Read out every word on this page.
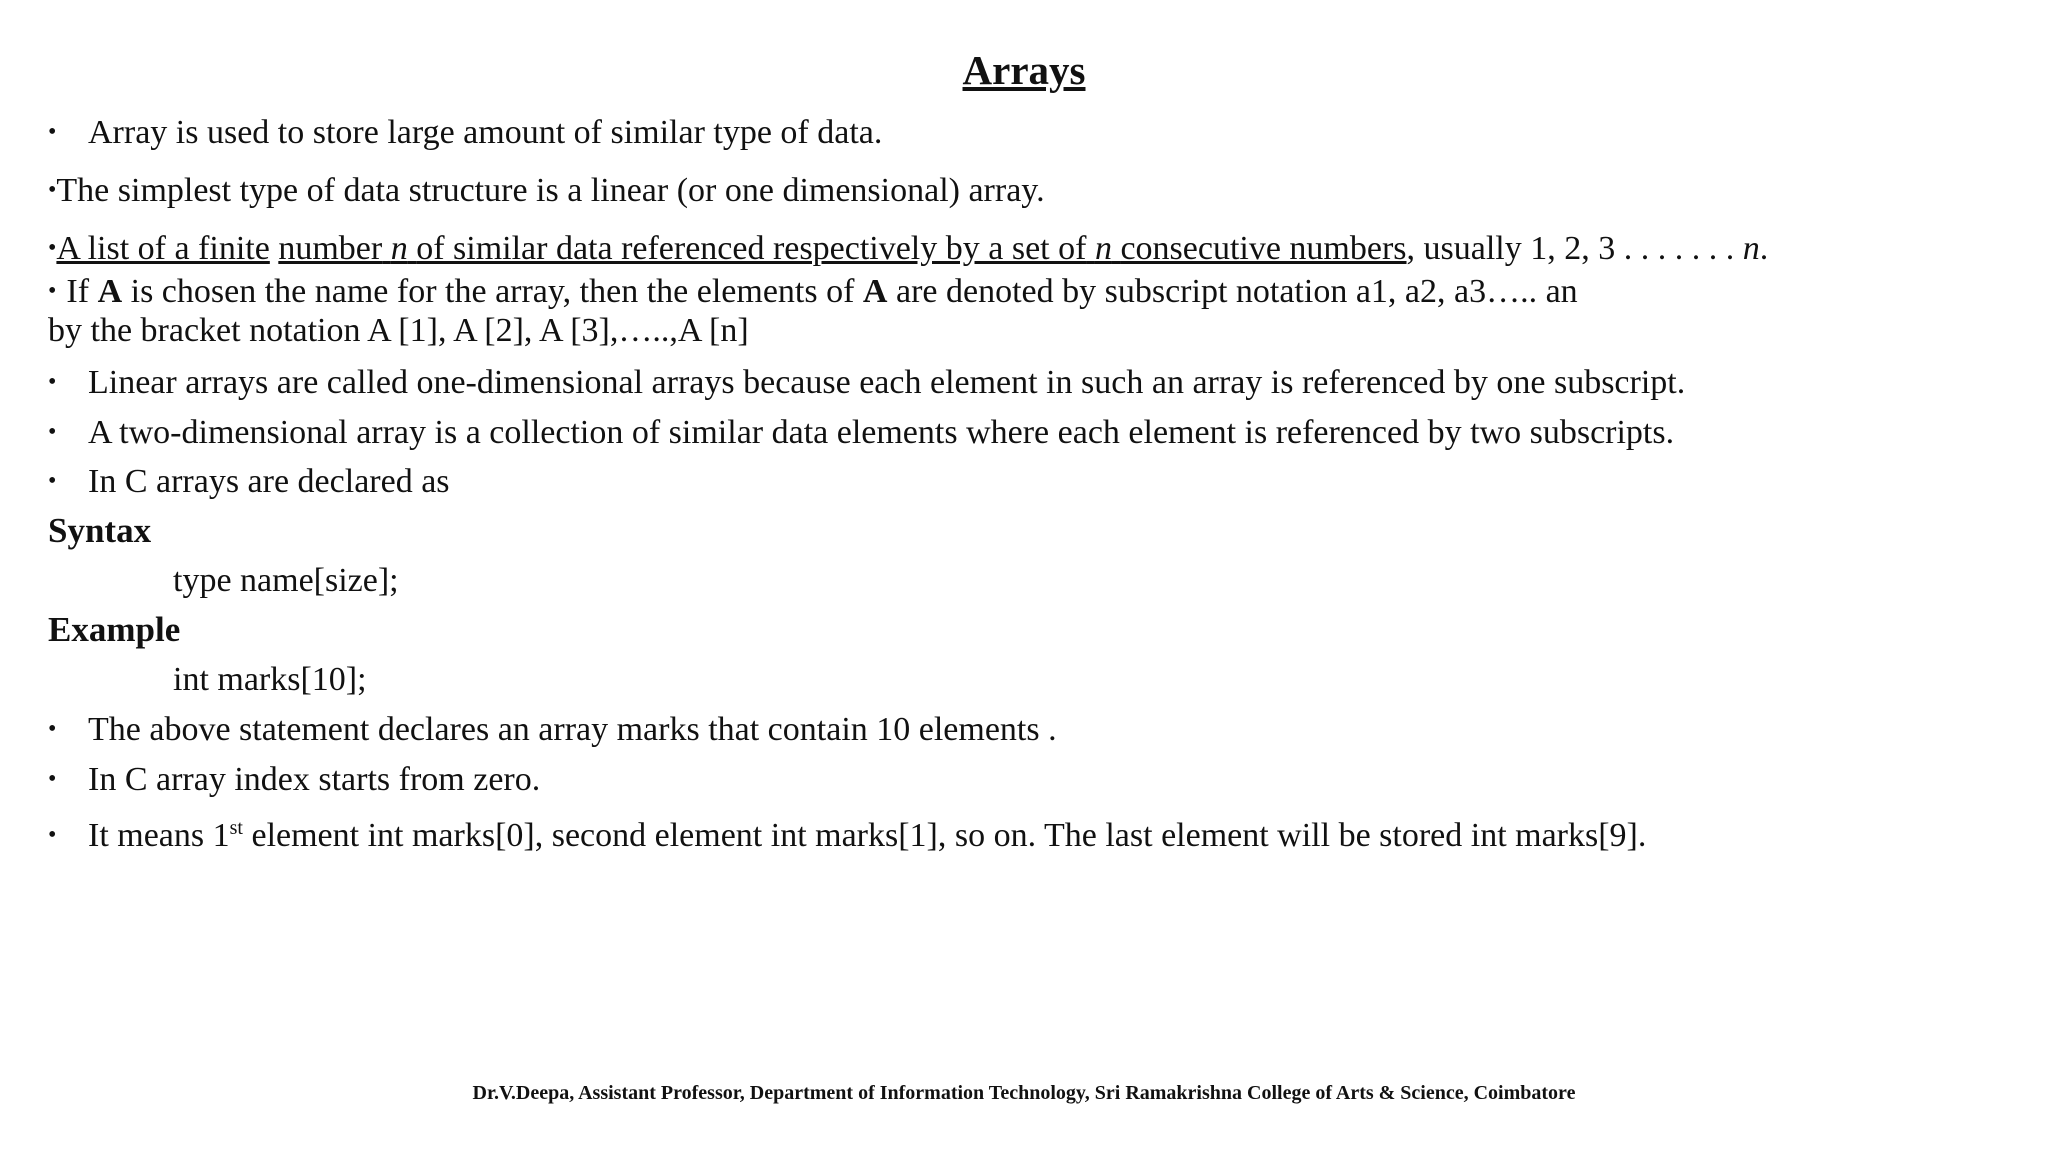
Arrays
• Array is used to store large amount of similar type of data.
•The simplest type of data structure is a linear (or one dimensional) array.
•A list of a finite number n of similar data referenced respectively by a set of n consecutive numbers, usually 1, 2, 3 . . . . . . . n.
• If A is chosen the name for the array, then the elements of A are denoted by subscript notation a1, a2, a3….. an
by the bracket notation A [1], A [2], A [3],…..,A [n]
• Linear arrays are called one-dimensional arrays because each element in such an array is referenced by one subscript.
• A two-dimensional array is a collection of similar data elements where each element is referenced by two subscripts.
• In C arrays are declared as
Syntax
type name[size];
Example
int marks[10];
• The above statement declares an array marks that contain 10 elements .
• In C array index starts from zero.
• It means 1st element int marks[0], second element int marks[1], so on. The last element will be stored int marks[9].
Dr.V.Deepa, Assistant Professor, Department of Information Technology, Sri Ramakrishna College of Arts & Science, Coimbatore
